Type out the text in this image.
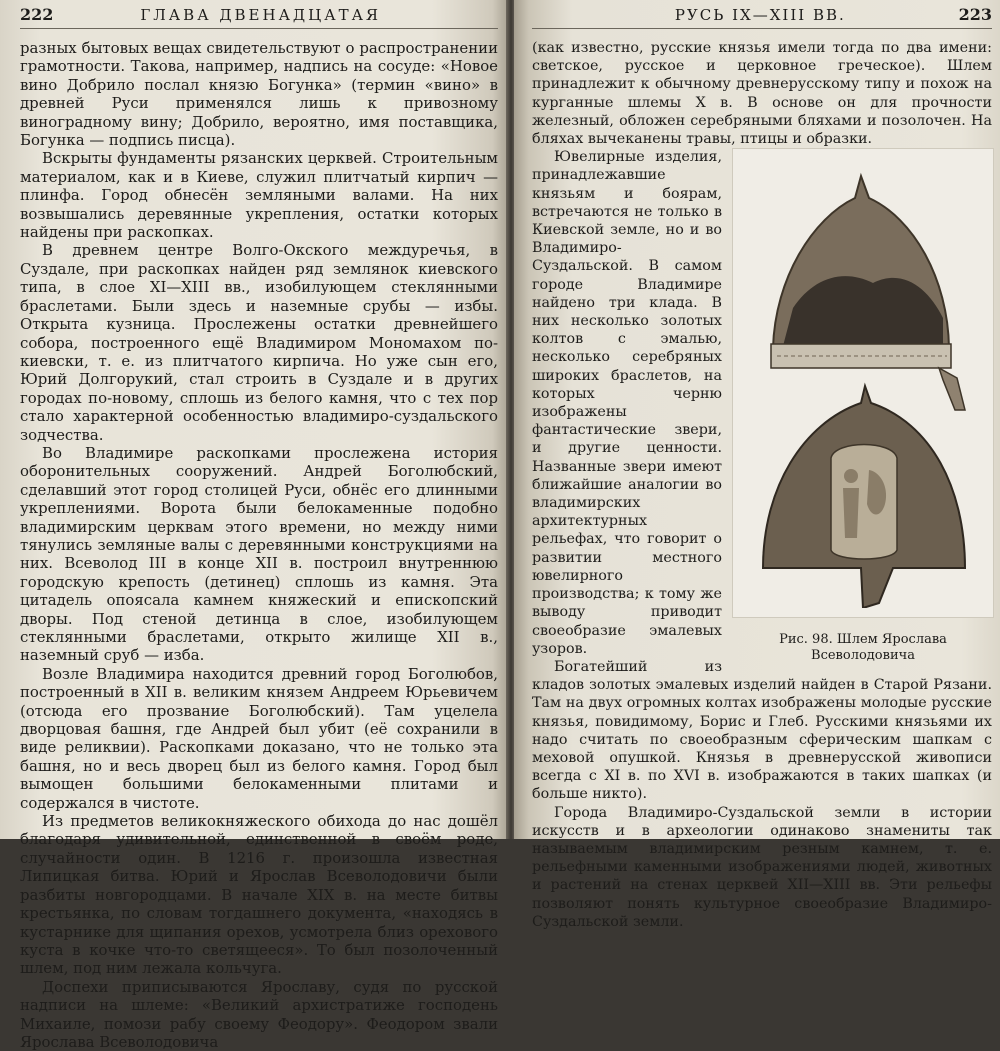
222	ГЛАВА ДВЕНАДЦАТАЯ

разных бытовых вещах свидетельствуют о распространении грамотности. Такова, например, надпись на сосуде: «Новое вино Добрило послал князю Богунка» (термин «вино» в древней Руси применялся лишь к привозному виноградному вину; Добрило, вероятно, имя поставщика, Богунка — подпись писца).

Вскрыты фундаменты рязанских церквей. Строительным материалом, как и в Киеве, служил плитчатый кирпич — плинфа. Город обнесён земляными валами. На них возвышались деревянные укрепления, остатки которых найдены при раскопках.

В древнем центре Волго-Окского междуречья, в Суздале, при раскопках найден ряд землянок киевского типа, в слое XI—XIII вв., изобилующем стеклянными браслетами. Были здесь и наземные срубы — избы. Открыта кузница. Прослежены остатки древнейшего собора, построенного ещё Владимиром Мономахом по-киевски, т. е. из плитчатого кирпича. Но уже сын его, Юрий Долгорукий, стал строить в Суздале и в других городах по-новому, сплошь из белого камня, что с тех пор стало характерной особенностью владимиро-суздальского зодчества.

Во Владимире раскопками прослежена история оборонительных сооружений. Андрей Боголюбский, сделавший этот город столицей Руси, обнёс его длинными укреплениями. Ворота были белокаменные подобно владимирским церквам этого времени, но между ними тянулись земляные валы с деревянными конструкциями на них. Всеволод III в конце XII в. построил внутреннюю городскую крепость (детинец) сплошь из камня. Эта цитадель опоясала камнем княжеский и епископский дворы. Под стеной детинца в слое, изобилующем стеклянными браслетами, открыто жилище XII в., наземный сруб — изба.

Возле Владимира находится древний город Боголюбов, построенный в XII в. великим князем Андреем Юрьевичем (отсюда его прозвание Боголюбский). Там уцелела дворцовая башня, где Андрей был убит (её сохранили в виде реликвии). Раскопками доказано, что не только эта башня, но и весь дворец был из белого камня. Город был вымощен большими белокаменными плитами и содержался в чистоте.

Из предметов великокняжеского обихода до нас дошёл благодаря удивительной, единственной в своём роде, случайности один. В 1216 г. произошла известная Липицкая битва. Юрий и Ярослав Всеволодовичи были разбиты новгородцами. В начале XIX в. на месте битвы крестьянка, по словам тогдашнего документа, «находясь в кустарнике для щипания орехов, усмотрела близ орехового куста в кочке что-то светящееся». То был позолоченный шлем, под ним лежала кольчуга.

Доспехи приписываются Ярославу, судя по русской надписи на шлеме: «Великий архистратиже господень Михаиле, помози рабу своему Феодору». Феодором звали Ярослава Всеволодовича

РУСЬ IX—XIII ВВ.	223

(как известно, русские князья имели тогда по два имени: светское, русское и церковное греческое). Шлем принадлежит к обычному древнерусскому типу и похож на курганные шлемы X в. В основе он для прочности железный, обложен серебряными бляхами и позолочен. На бляхах вычеканены травы, птицы и образки.

Рис. 98. Шлем Ярослава Всеволодовича

Ювелирные изделия, принадлежавшие князьям и боярам, встречаются не только в Киевской земле, но и во Владимиро-Суздальской. В самом городе Владимире найдено три клада. В них несколько золотых колтов с эмалью, несколько серебряных широких браслетов, на которых черню изображены фантастические звери, и другие ценности. Названные звери имеют ближайшие аналогии во владимирских архитектурных рельефах, что говорит о развитии местного ювелирного производства; к тому же выводу приводит своеобразие эмалевых узоров.

Богатейший из кладов золотых эмалевых изделий найден в Старой Рязани. Там на двух огромных колтах изображены молодые русские князья, повидимому, Борис и Глеб. Русскими князьями их надо считать по своеобразным сферическим шапкам с меховой опушкой. Князья в древнерусской живописи всегда с XI в. по XVI в. изображаются в таких шапках (и больше никто).

Города Владимиро-Суздальской земли в истории искусств и в археологии одинаково знамениты так называемым владимирским резным камнем, т. е. рельефными каменными изображениями людей, животных и растений на стенах церквей XII—XIII вв. Эти рельефы позволяют понять культурное своеобразие Владимиро-Суздальской земли.
